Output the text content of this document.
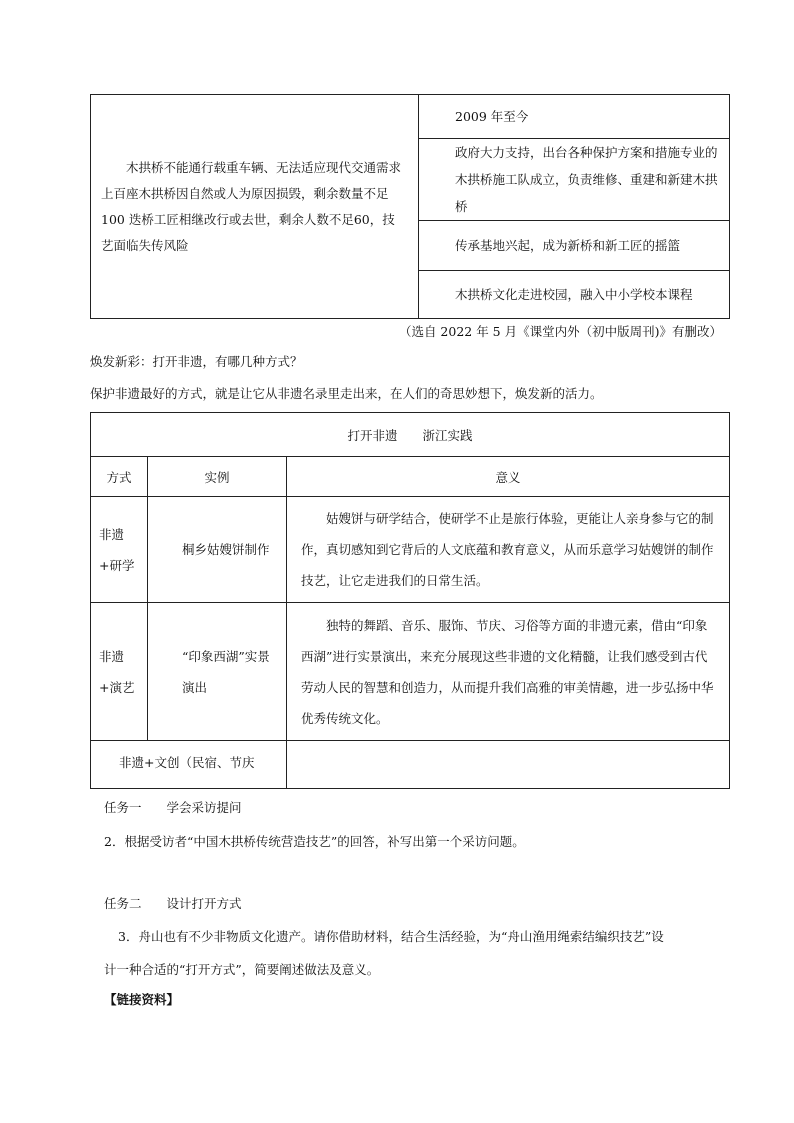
木拱桥不能通行载重车辆、无法适应现代交通需求上百座木拱桥因自然或人为原因损毁，剩余数量不足100 迭桥工匠相继改行或去世，剩余人数不足60，技艺面临失传风险	2009 年至今
政府大力支持，出台各种保护方案和措施专业的木拱桥施工队成立，负责维修、重建和新建木拱桥
传承基地兴起，成为新桥和新工匠的摇篮
木拱桥文化走进校园，融入中小学校本课程
（选自 2022 年 5 月《课堂内外（初中版周刊)》有删改）
焕发新彩：打开非遗，有哪几种方式？
保护非遗最好的方式，就是让它从非遗名录里走出来，在人们的奇思妙想下，焕发新的活力。
打开非遗　　浙江实践		
方式	实例	意义
非遗+研学	桐乡姑嫂饼制作	姑嫂饼与研学结合，使研学不止是旅行体验，更能让人亲身参与它的制作，真切感知到它背后的人文底蕴和教育意义，从而乐意学习姑嫂饼的制作技艺，让它走进我们的日常生活。
非遗+演艺	“印象西湖”实景演出	独特的舞蹈、音乐、服饰、节庆、习俗等方面的非遗元素，借由“印象西湖”进行实景演出，来充分展现这些非遗的文化精髓，让我们感受到古代劳动人民的智慧和创造力，从而提升我们高雅的审美情趣，进一步弘扬中华优秀传统文化。
非遗+文创（民宿、节庆		
任务一　　学会采访提问
2．根据受访者“中国木拱桥传统营造技艺”的回答，补写出第一个采访问题。
任务二　　设计打开方式
3．舟山也有不少非物质文化遗产。请你借助材料，结合生活经验，为“舟山渔用绳索结编织技艺”设
计一种合适的“打开方式”，简要阐述做法及意义。
【链接资料】
